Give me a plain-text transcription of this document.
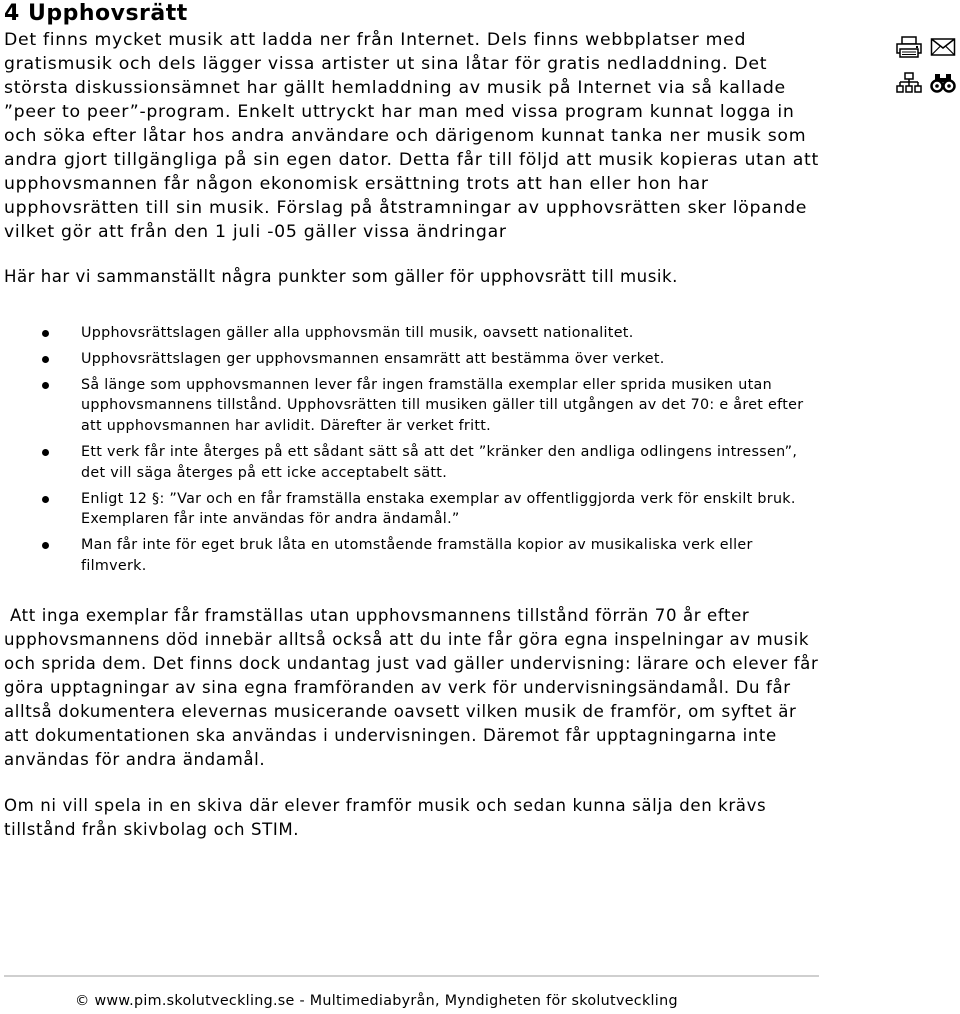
4 Upphovsrätt

Det finns mycket musik att ladda ner från Internet. Dels finns webbplatser med gratismusik och dels lägger vissa artister ut sina låtar för gratis nedladdning. Det största diskussionsämnet har gällt hemladdning av musik på Internet via så kallade ”peer to peer”-program. Enkelt uttryckt har man med vissa program kunnat logga in och söka efter låtar hos andra användare och därigenom kunnat tanka ner musik som andra gjort tillgängliga på sin egen dator. Detta får till följd att musik kopieras utan att upphovsmannen får någon ekonomisk ersättning trots att han eller hon har upphovsrätten till sin musik. Förslag på åtstramningar av upphovsrätten sker löpande vilket gör att från den 1 juli -05 gäller vissa ändringar

Här har vi sammanställt några punkter som gäller för upphovsrätt till musik.

Upphovsrättslagen gäller alla upphovsmän till musik, oavsett nationalitet.
Upphovsrättslagen ger upphovsmannen ensamrätt att bestämma över verket.
Så länge som upphovsmannen lever får ingen framställa exemplar eller sprida musiken utan upphovsmannens tillstånd. Upphovsrätten till musiken gäller till utgången av det 70: e året efter att upphovsmannen har avlidit. Därefter är verket fritt.
Ett verk får inte återges på ett sådant sätt så att det ”kränker den andliga odlingens intressen”, det vill säga återges på ett icke acceptabelt sätt.
Enligt 12 §: ”Var och en får framställa enstaka exemplar av offentliggjorda verk för enskilt bruk. Exemplaren får inte användas för andra ändamål.”
Man får inte för eget bruk låta en utomstående framställa kopior av musikaliska verk eller filmverk.

Att inga exemplar får framställas utan upphovsmannens tillstånd förrän 70 år efter upphovsmannens död innebär alltså också att du inte får göra egna inspelningar av musik och sprida dem. Det finns dock undantag just vad gäller undervisning: lärare och elever får göra upptagningar av sina egna framföranden av verk för undervisningsändamål. Du får alltså dokumentera elevernas musicerande oavsett vilken musik de framför, om syftet är att dokumentationen ska användas i undervisningen. Däremot får upptagningarna inte användas för andra ändamål.

Om ni vill spela in en skiva där elever framför musik och sedan kunna sälja den krävs tillstånd från skivbolag och STIM.

© www.pim.skolutveckling.se - Multimediabyrån, Myndigheten för skolutveckling
